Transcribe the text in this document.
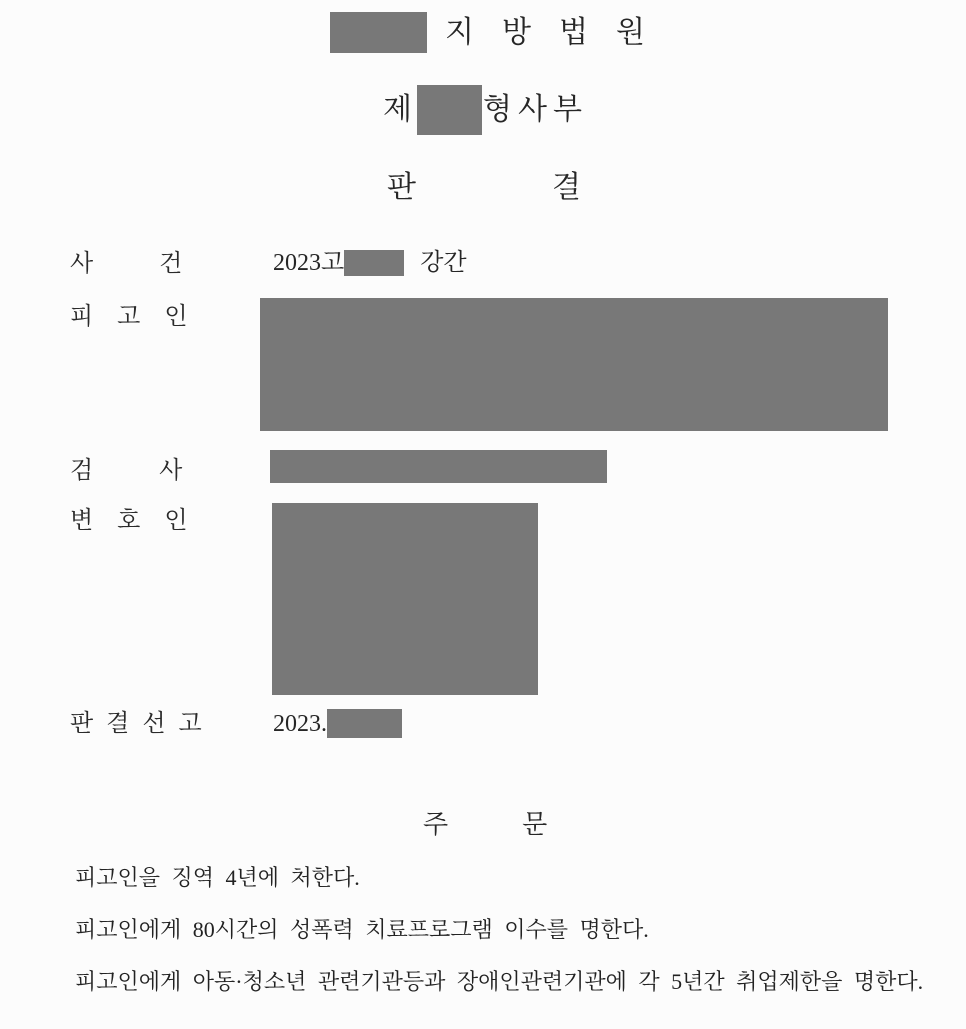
지방법원
제 형사부
판결
사건 2023고	강간
피고인
검사
변호인
판결선고 2023.
주문
피고인을 징역 4년에 처한다.
피고인에게 80시간의 성폭력 치료프로그램 이수를 명한다.
피고인에게 아동·청소년 관련기관등과 장애인관련기관에 각 5년간 취업제한을 명한다.
